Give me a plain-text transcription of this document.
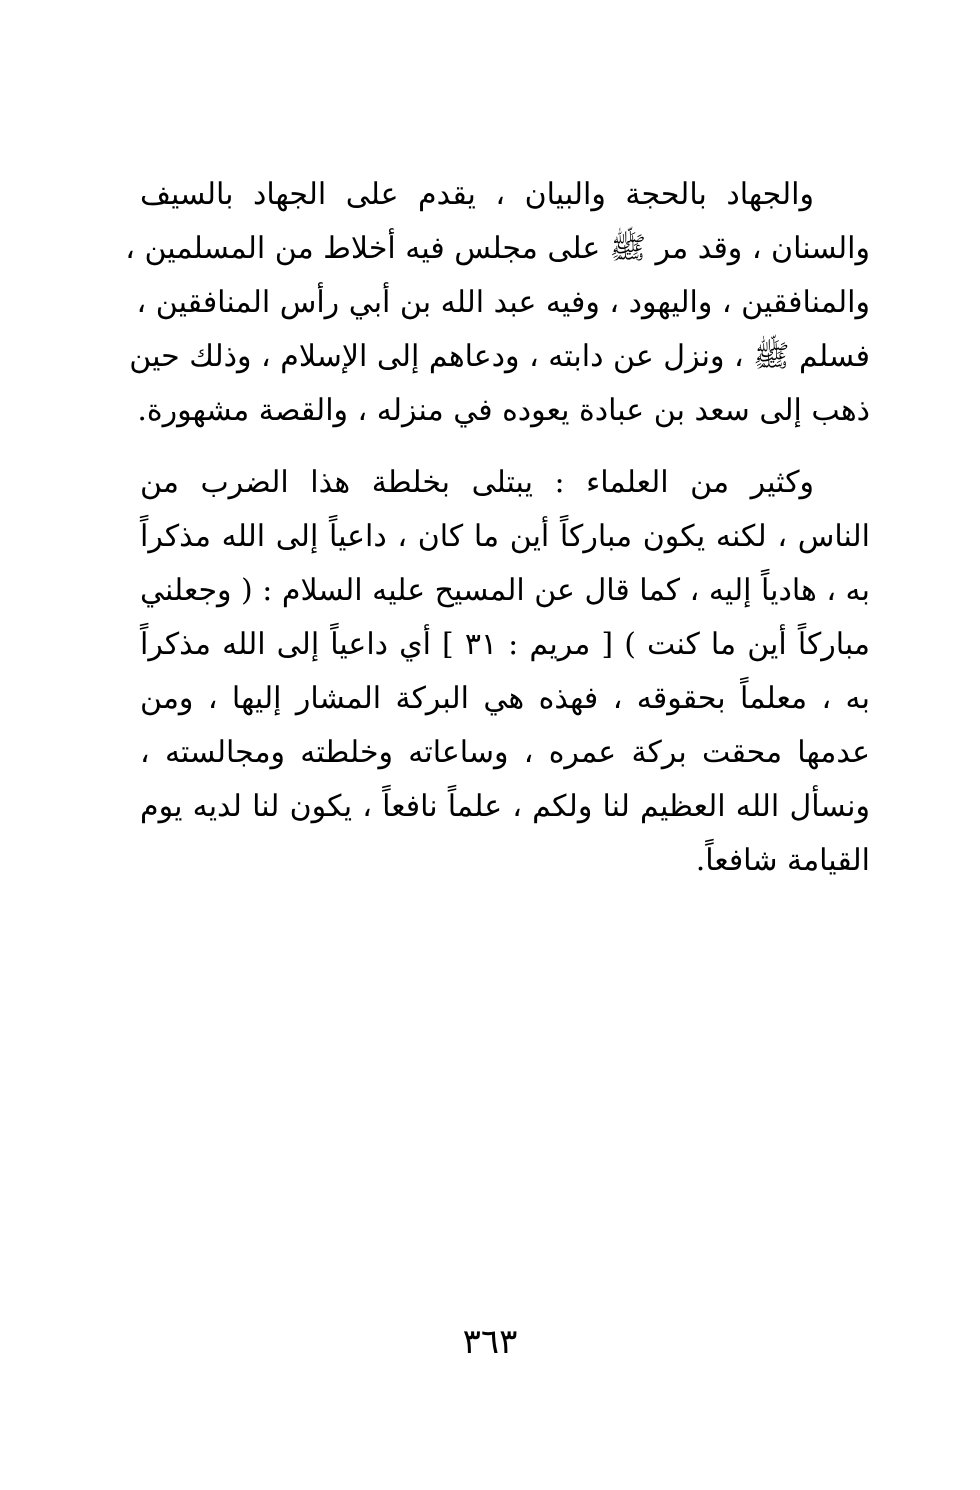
والجهاد بالحجة والبيان ، يقدم على الجهاد بالسيف
والسنان ، وقد مر ﷺ على مجلس فيه أخلاط من المسلمين ،
والمنافقين ، واليهود ، وفيه عبد الله بن أبي رأس المنافقين ،
فسلم ﷺ ، ونزل عن دابته ، ودعاهم إلى الإسلام ، وذلك حين
ذهب إلى سعد بن عبادة يعوده في منزله ، والقصة مشهورة.
وكثير من العلماء : يبتلى بخلطة هذا الضرب من
الناس ، لكنه يكون مباركاً أين ما كان ، داعياً إلى الله مذكراً
به ، هادياً إليه ، كما قال عن المسيح عليه السلام : ( وجعلني
مباركاً أين ما كنت ) [ مريم : ٣١ ] أي داعياً إلى الله مذكراً
به ، معلماً بحقوقه ، فهذه هي البركة المشار إليها ، ومن
عدمها محقت بركة عمره ، وساعاته وخلطته ومجالسته ،
ونسأل الله العظيم لنا ولكم ، علماً نافعاً ، يكون لنا لديه يوم
القيامة شافعاً.
٣٦٣
